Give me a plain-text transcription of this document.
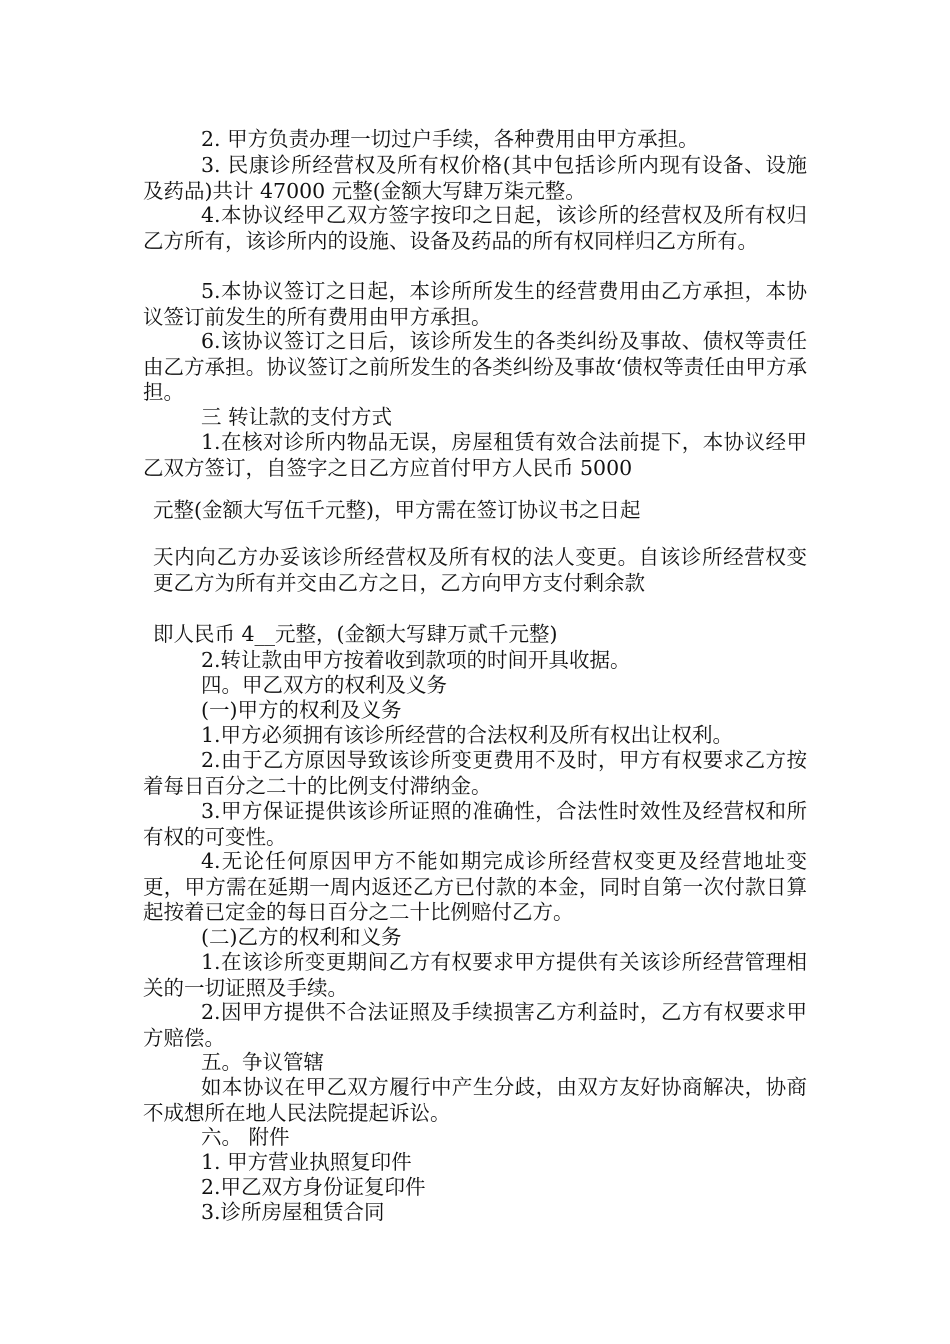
2. 甲方负责办理一切过户手续，各种费用由甲方承担。

3. 民康诊所经营权及所有权价格(其中包括诊所内现有设备、设施及药品)共计 47000 元整(金额大写肆万柒元整。

4.本协议经甲乙双方签字按印之日起，该诊所的经营权及所有权归乙方所有，该诊所内的设施、设备及药品的所有权同样归乙方所有。

5.本协议签订之日起，本诊所所发生的经营费用由乙方承担，本协议签订前发生的所有费用由甲方承担。

6.该协议签订之日后，该诊所发生的各类纠纷及事故、债权等责任由乙方承担。协议签订之前所发生的各类纠纷及事故‘债权等责任由甲方承担。

三 转让款的支付方式

1.在核对诊所内物品无误，房屋租赁有效合法前提下，本协议经甲乙双方签订，自签字之日乙方应首付甲方人民币 5000

元整(金额大写伍千元整)，甲方需在签订协议书之日起

天内向乙方办妥该诊所经营权及所有权的法人变更。自该诊所经营权变更乙方为所有并交由乙方之日，乙方向甲方支付剩余款

即人民币 4__元整，(金额大写肆万贰千元整)

2.转让款由甲方按着收到款项的时间开具收据。

四。甲乙双方的权利及义务

(一)甲方的权利及义务

1.甲方必须拥有该诊所经营的合法权利及所有权出让权利。

2.由于乙方原因导致该诊所变更费用不及时，甲方有权要求乙方按着每日百分之二十的比例支付滞纳金。

3.甲方保证提供该诊所证照的准确性，合法性时效性及经营权和所有权的可变性。

4.无论任何原因甲方不能如期完成诊所经营权变更及经营地址变更，甲方需在延期一周内返还乙方已付款的本金，同时自第一次付款日算起按着已定金的每日百分之二十比例赔付乙方。

(二)乙方的权利和义务

1.在该诊所变更期间乙方有权要求甲方提供有关该诊所经营管理相关的一切证照及手续。

2.因甲方提供不合法证照及手续损害乙方利益时，乙方有权要求甲方赔偿。

五。争议管辖

如本协议在甲乙双方履行中产生分歧，由双方友好协商解决，协商不成想所在地人民法院提起诉讼。

六。 附件

1. 甲方营业执照复印件

2.甲乙双方身份证复印件

3.诊所房屋租赁合同
